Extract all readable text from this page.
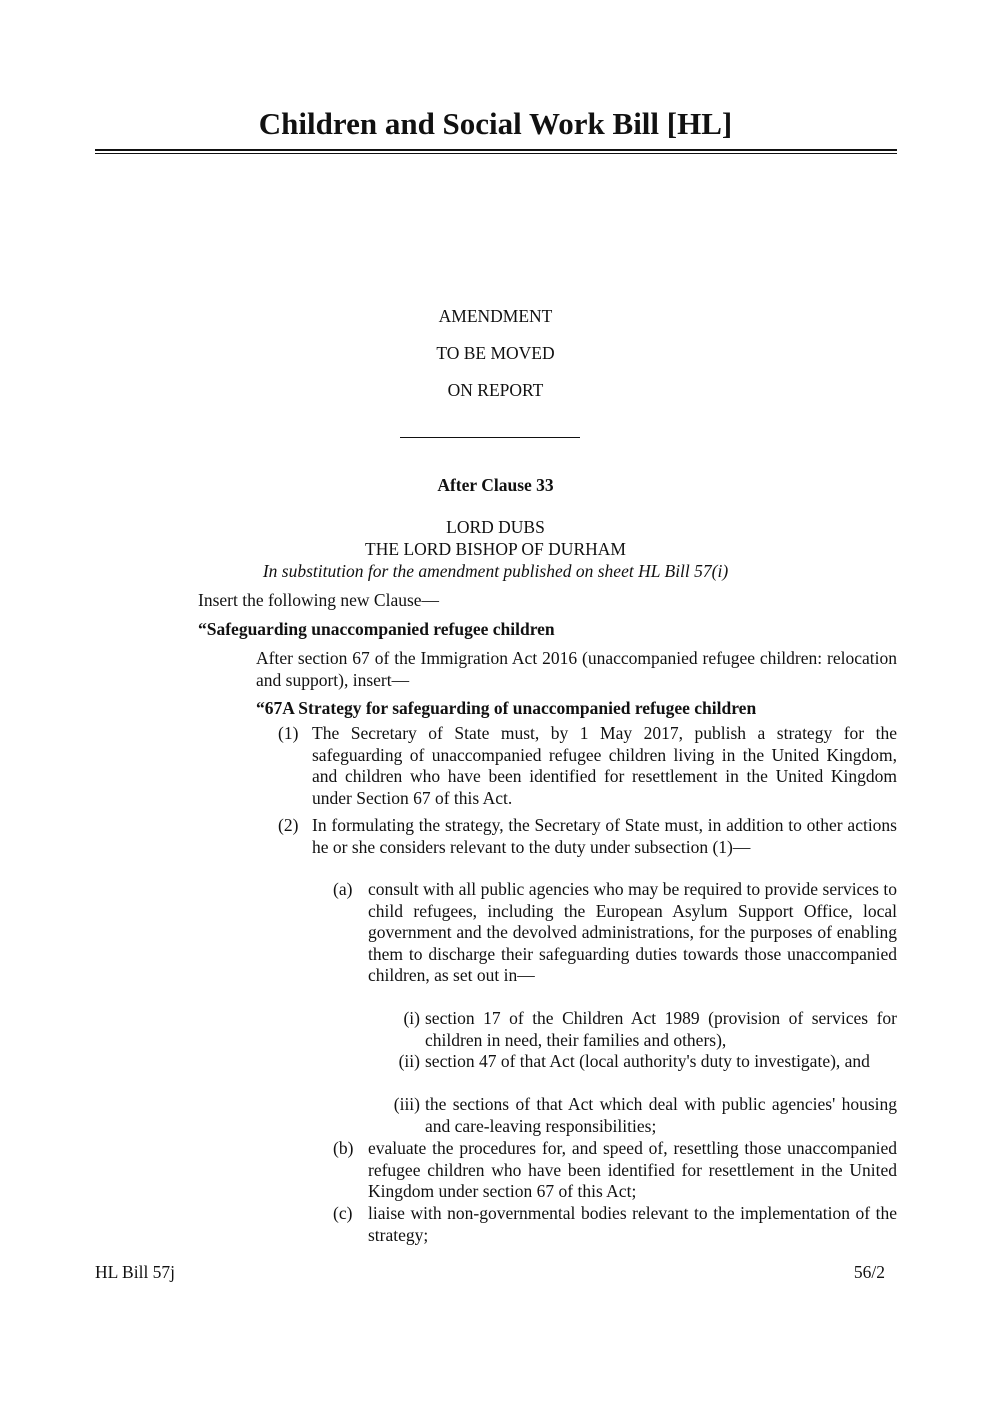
Children and Social Work Bill [HL]
AMENDMENT
TO BE MOVED
ON REPORT
After Clause 33
LORD DUBS
THE LORD BISHOP OF DURHAM
In substitution for the amendment published on sheet HL Bill 57(i)
Insert the following new Clause—
“Safeguarding unaccompanied refugee children
After section 67 of the Immigration Act 2016 (unaccompanied refugee children: relocation and support), insert—
“67A Strategy for safeguarding of unaccompanied refugee children
(1) The Secretary of State must, by 1 May 2017, publish a strategy for the safeguarding of unaccompanied refugee children living in the United Kingdom, and children who have been identified for resettlement in the United Kingdom under Section 67 of this Act.
(2) In formulating the strategy, the Secretary of State must, in addition to other actions he or she considers relevant to the duty under subsection (1)—
(a) consult with all public agencies who may be required to provide services to child refugees, including the European Asylum Support Office, local government and the devolved administrations, for the purposes of enabling them to discharge their safeguarding duties towards those unaccompanied children, as set out in—
(i) section 17 of the Children Act 1989 (provision of services for children in need, their families and others),
(ii) section 47 of that Act (local authority's duty to investigate), and
(iii) the sections of that Act which deal with public agencies' housing and care-leaving responsibilities;
(b) evaluate the procedures for, and speed of, resettling those unaccompanied refugee children who have been identified for resettlement in the United Kingdom under section 67 of this Act;
(c) liaise with non-governmental bodies relevant to the implementation of the strategy;
HL Bill 57j	56/2
